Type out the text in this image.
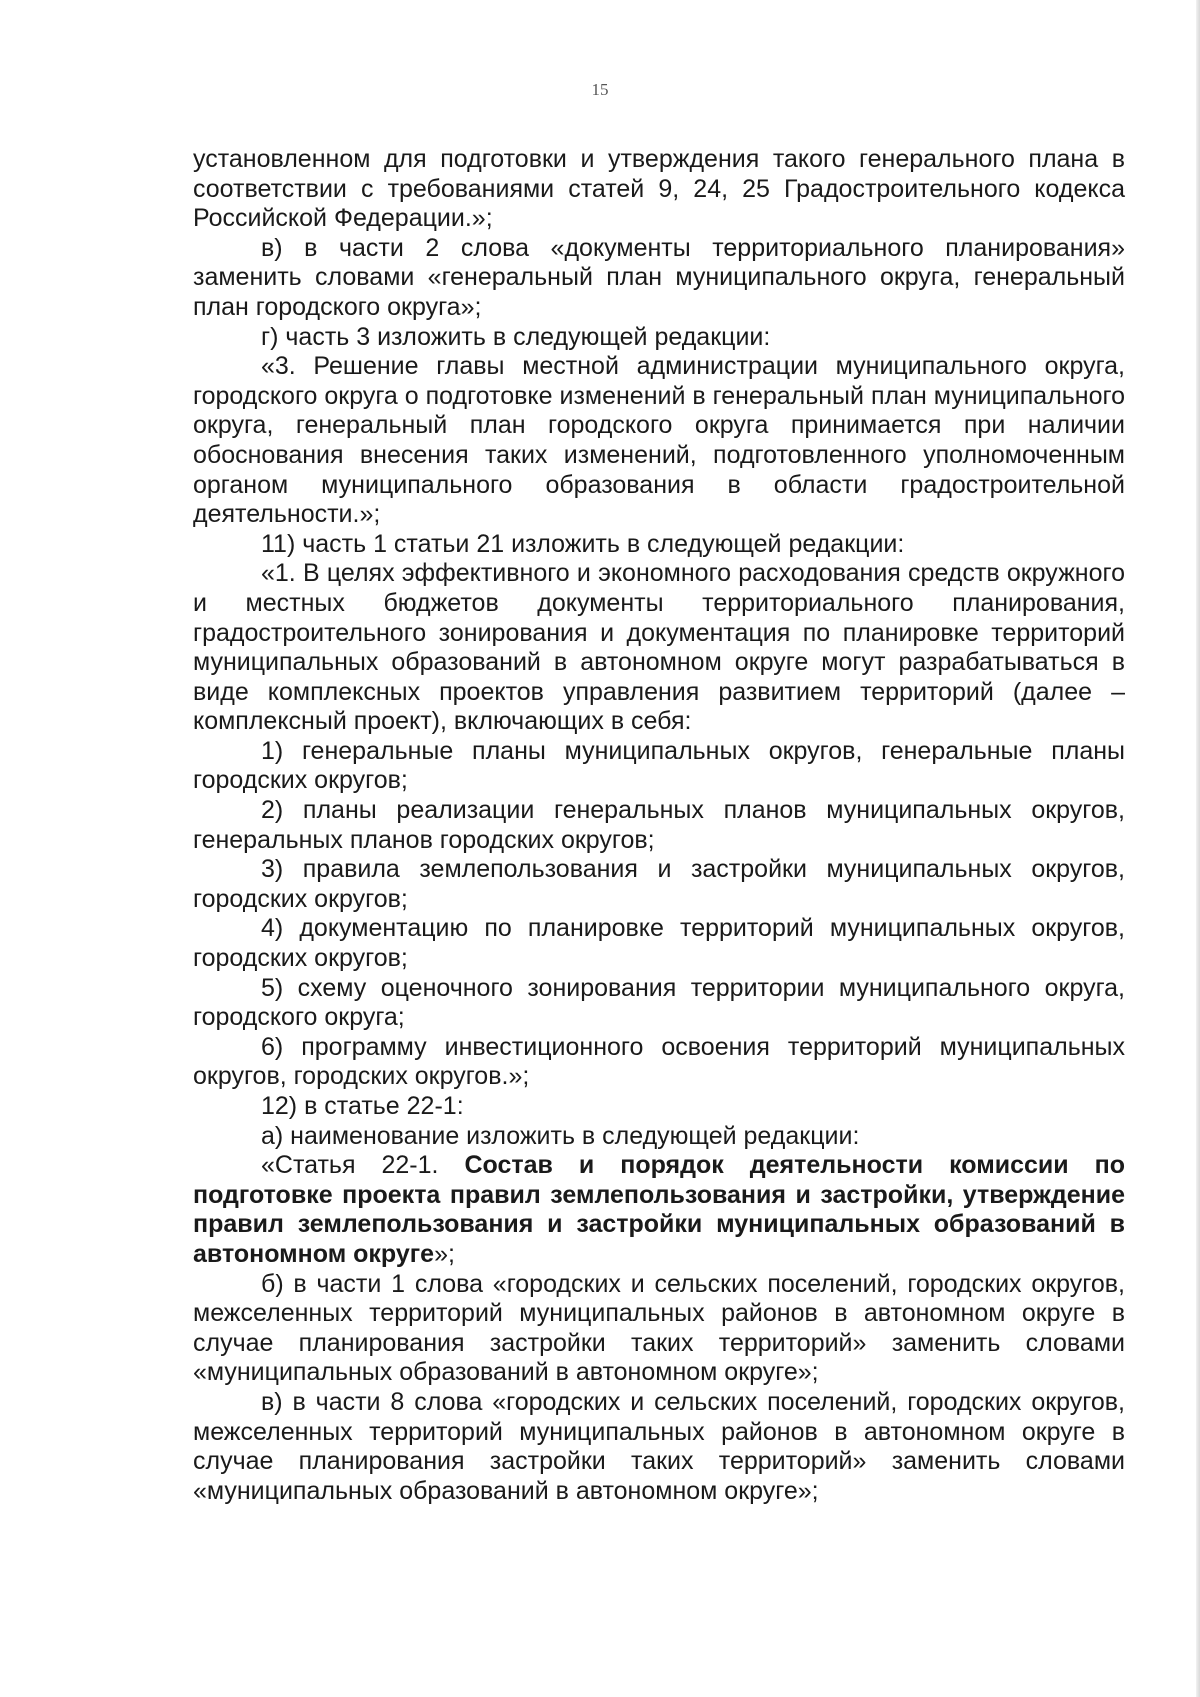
15

установленном для подготовки и утверждения такого генерального плана в соответствии с требованиями статей 9, 24, 25 Градостроительного кодекса Российской Федерации.»;

в) в части 2 слова «документы территориального планирования» заменить словами «генеральный план муниципального округа, генеральный план городского округа»;

г) часть 3 изложить в следующей редакции:

«3. Решение главы местной администрации муниципального округа, городского округа о подготовке изменений в генеральный план муниципального округа, генеральный план городского округа принимается при наличии обоснования внесения таких изменений, подготовленного уполномоченным органом муниципального образования в области градостроительной деятельности.»;

11) часть 1 статьи 21 изложить в следующей редакции:

«1. В целях эффективного и экономного расходования средств окружного и местных бюджетов документы территориального планирования, градостроительного зонирования и документация по планировке территорий муниципальных образований в автономном округе могут разрабатываться в виде комплексных проектов управления развитием территорий (далее – комплексный проект), включающих в себя:

1) генеральные планы муниципальных округов, генеральные планы городских округов;

2) планы реализации генеральных планов муниципальных округов, генеральных планов городских округов;

3) правила землепользования и застройки муниципальных округов, городских округов;

4) документацию по планировке территорий муниципальных округов, городских округов;

5) схему оценочного зонирования территории муниципального округа, городского округа;

6) программу инвестиционного освоения территорий муниципальных округов, городских округов.»;

12) в статье 22-1:

а) наименование изложить в следующей редакции:

«Статья 22-1. Состав и порядок деятельности комиссии по подготовке проекта правил землепользования и застройки, утверждение правил землепользования и застройки муниципальных образований в автономном округе»;

б) в части 1 слова «городских и сельских поселений, городских округов, межселенных территорий муниципальных районов в автономном округе в случае планирования застройки таких территорий» заменить словами «муниципальных образований в автономном округе»;

в) в части 8 слова «городских и сельских поселений, городских округов, межселенных территорий муниципальных районов в автономном округе в случае планирования застройки таких территорий» заменить словами «муниципальных образований в автономном округе»;
